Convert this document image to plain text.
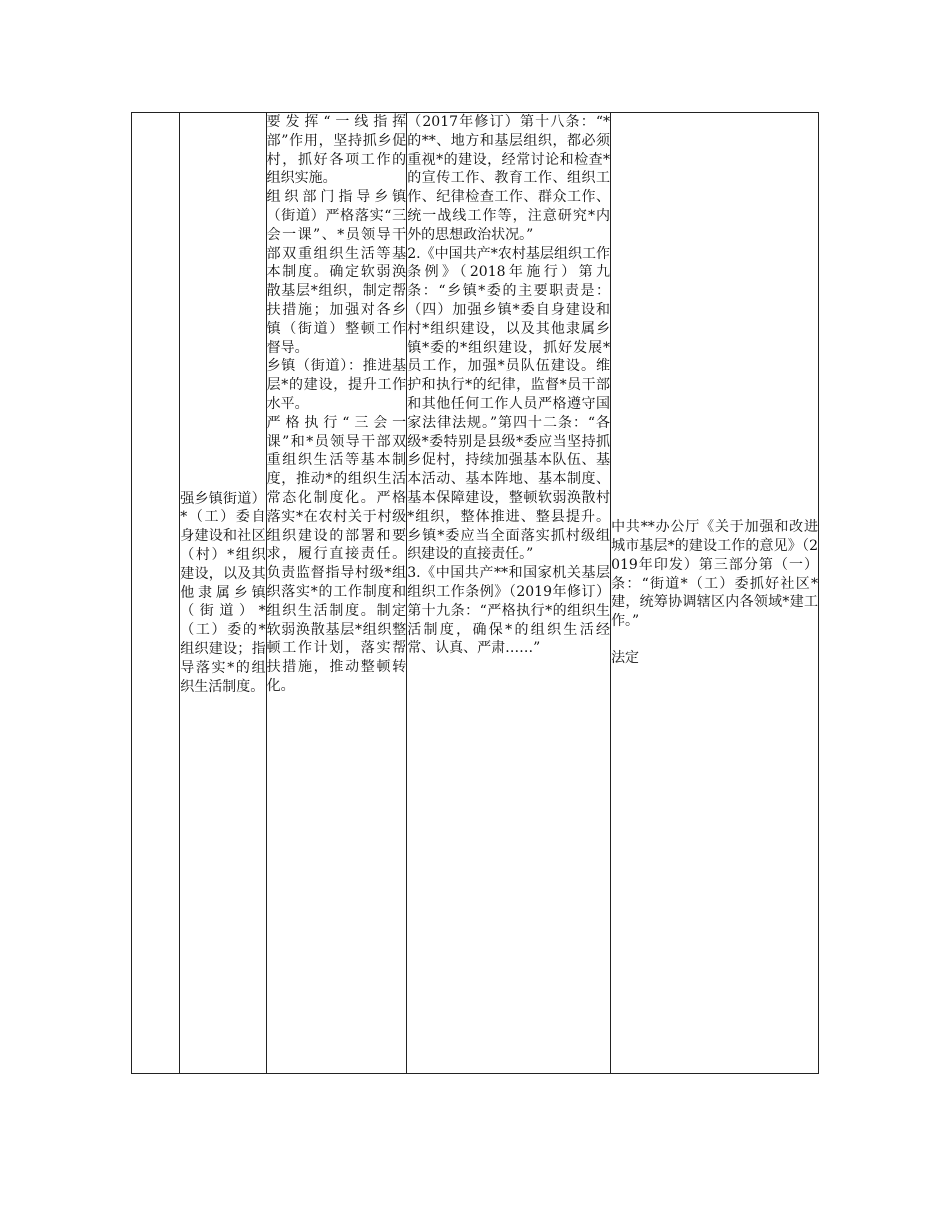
强乡镇街道）*（工）委自身建设和社区（村）*组织建设，以及其他隶属乡镇（街道）*（工）委的*组织建设；指导落实*的组织生活制度。

要发挥“一线指挥部”作用，坚持抓乡促村，抓好各项工作的组织实施。
组织部门指导乡镇（街道）严格落实“三会一课”、*员领导干部双重组织生活等基本制度。确定软弱涣散基层*组织，制定帮扶措施；加强对各乡镇（街道）整顿工作督导。
乡镇（街道）：推进基层*的建设，提升工作水平。
严格执行“三会一课”和*员领导干部双重组织生活等基本制度，推动*的组织生活常态化制度化。严格落实*在农村关于村级组织建设的部署和要求，履行直接责任。负责监督指导村级*组织落实*的工作制度和组织生活制度。制定软弱涣散基层*组织整顿工作计划，落实帮扶措施，推动整顿转化。

（2017年修订）第十八条：“*的**、地方和基层组织，都必须重视*的建设，经常讨论和检查*的宣传工作、教育工作、组织工作、纪律检查工作、群众工作、统一战线工作等，注意研究*内外的思想政治状况。”
2.《中国共产*农村基层组织工作条例》（2018年施行）第九条：“乡镇*委的主要职责是：（四）加强乡镇*委自身建设和村*组织建设，以及其他隶属乡镇*委的*组织建设，抓好发展*员工作，加强*员队伍建设。维护和执行*的纪律，监督*员干部和其他任何工作人员严格遵守国家法律法规。”第四十二条：“各级*委特别是县级*委应当坚持抓乡促村，持续加强基本队伍、基本活动、基本阵地、基本制度、基本保障建设，整顿软弱涣散村*组织，整体推进、整县提升。乡镇*委应当全面落实抓村级组织建设的直接责任。”
3.《中国共产**和国家机关基层组织工作条例》（2019年修订）第十九条：“严格执行*的组织生活制度，确保*的组织生活经常、认真、严肃……”

中共**办公厅《关于加强和改进城市基层*的建设工作的意见》（2019年印发）第三部分第（一）条：“街道*（工）委抓好社区*建，统筹协调辖区内各领域*建工作。”
法定
